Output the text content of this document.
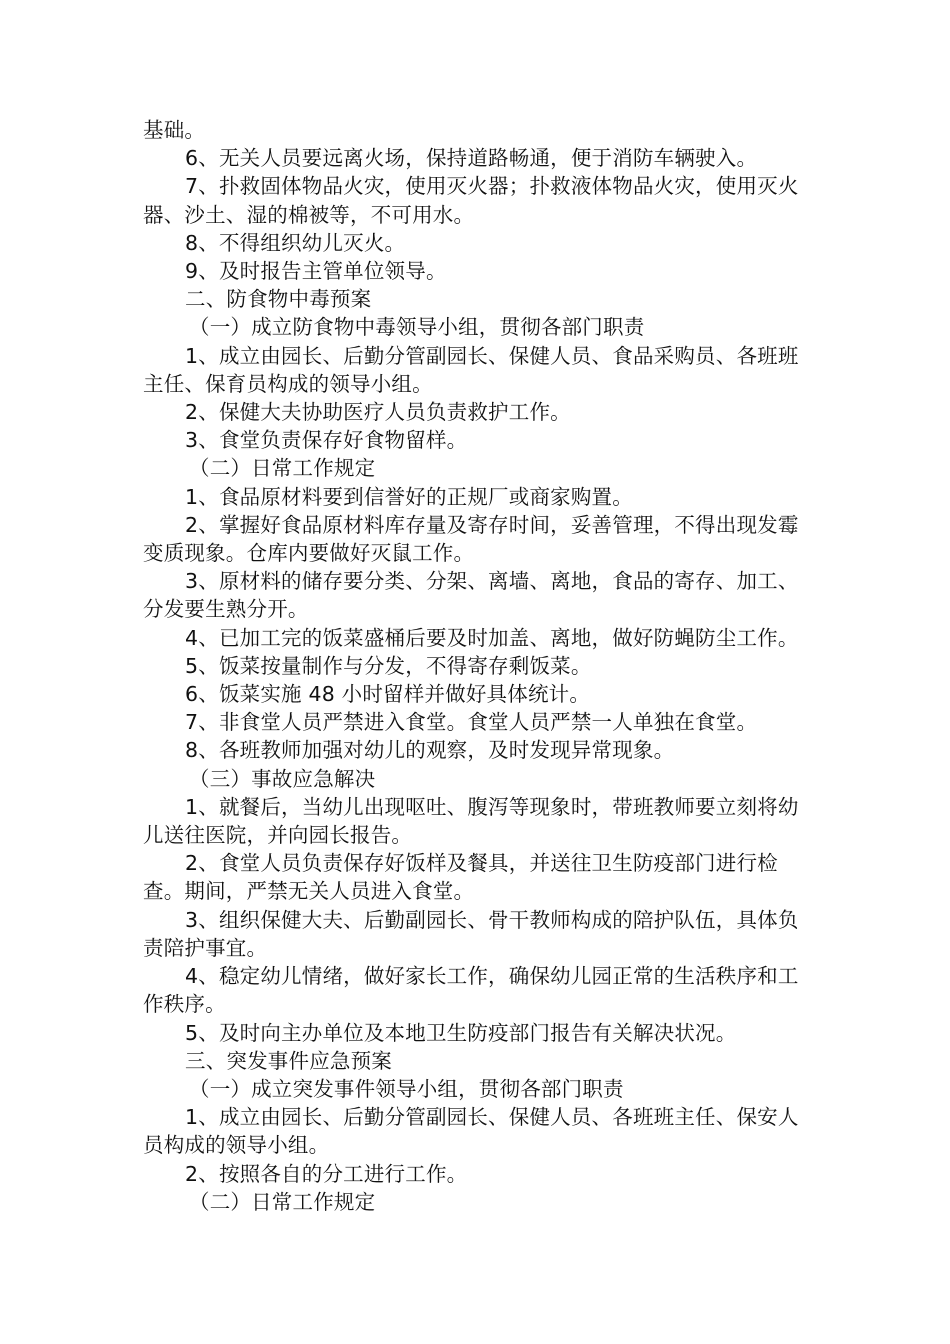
基础。

6、无关人员要远离火场，保持道路畅通，便于消防车辆驶入。

7、扑救固体物品火灾，使用灭火器；扑救液体物品火灾，使用灭火器、沙土、湿的棉被等，不可用水。

8、不得组织幼儿灭火。

9、及时报告主管单位领导。

二、防食物中毒预案

（一）成立防食物中毒领导小组，贯彻各部门职责

1、成立由园长、后勤分管副园长、保健人员、食品采购员、各班班主任、保育员构成的领导小组。

2、保健大夫协助医疗人员负责救护工作。

3、食堂负责保存好食物留样。

（二）日常工作规定

1、食品原材料要到信誉好的正规厂或商家购置。

2、掌握好食品原材料库存量及寄存时间，妥善管理，不得出现发霉变质现象。仓库内要做好灭鼠工作。

3、原材料的储存要分类、分架、离墙、离地，食品的寄存、加工、分发要生熟分开。

4、已加工完的饭菜盛桶后要及时加盖、离地，做好防蝇防尘工作。

5、饭菜按量制作与分发，不得寄存剩饭菜。

6、饭菜实施 48 小时留样并做好具体统计。

7、非食堂人员严禁进入食堂。食堂人员严禁一人单独在食堂。

8、各班教师加强对幼儿的观察，及时发现异常现象。

（三）事故应急解决

1、就餐后，当幼儿出现呕吐、腹泻等现象时，带班教师要立刻将幼儿送往医院，并向园长报告。

2、食堂人员负责保存好饭样及餐具，并送往卫生防疫部门进行检查。期间，严禁无关人员进入食堂。

3、组织保健大夫、后勤副园长、骨干教师构成的陪护队伍，具体负责陪护事宜。

4、稳定幼儿情绪，做好家长工作，确保幼儿园正常的生活秩序和工作秩序。

5、及时向主办单位及本地卫生防疫部门报告有关解决状况。

三、突发事件应急预案

（一）成立突发事件领导小组，贯彻各部门职责

1、成立由园长、后勤分管副园长、保健人员、各班班主任、保安人员构成的领导小组。

2、按照各自的分工进行工作。

（二）日常工作规定
